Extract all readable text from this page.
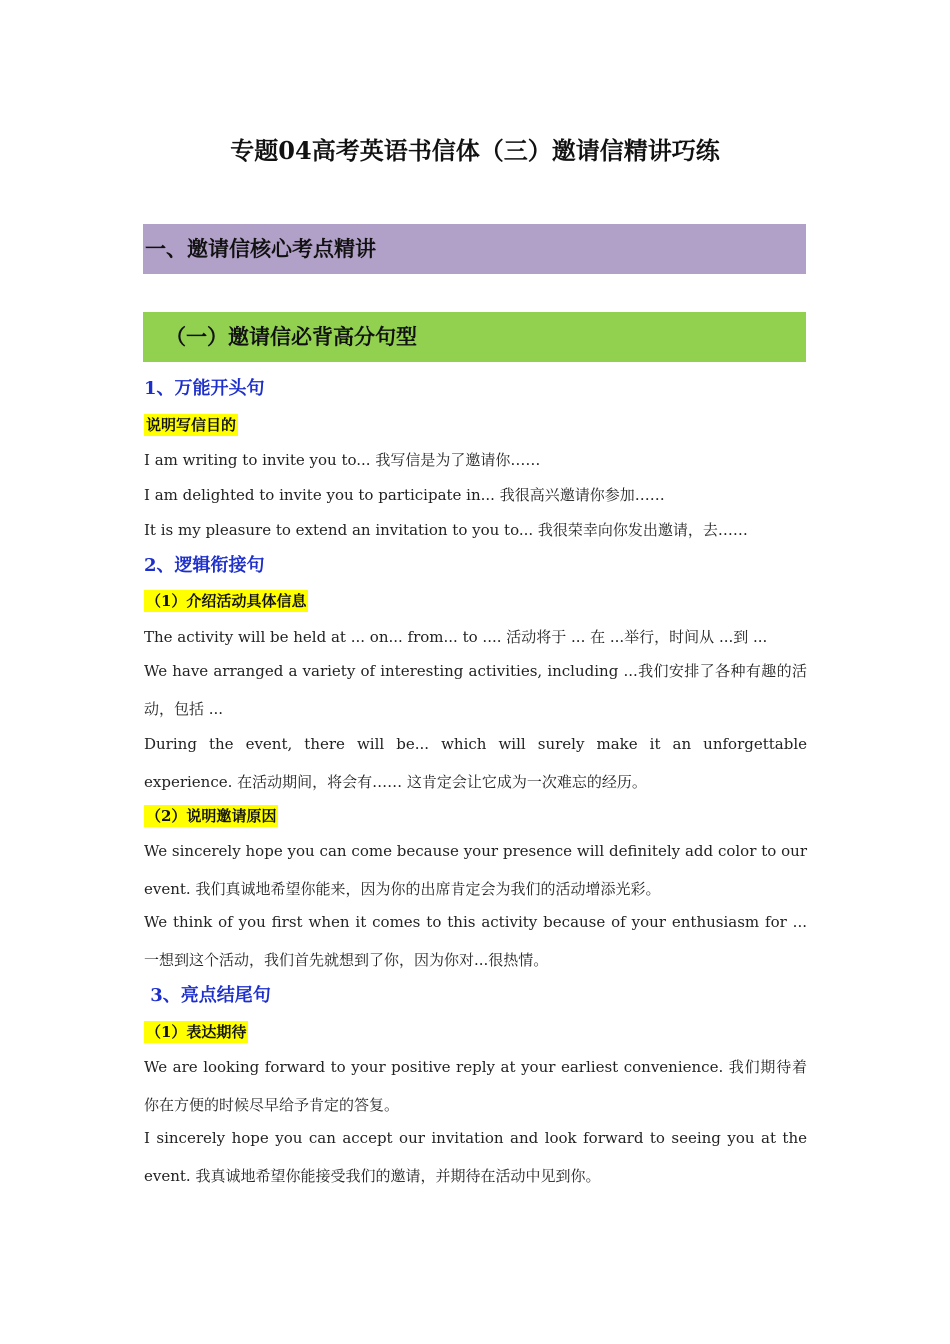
专题04高考英语书信体（三）邀请信精讲巧练
一、邀请信核心考点精讲
（一）邀请信必背高分句型
1、万能开头句
说明写信目的
I am writing to invite you to... 我写信是为了邀请你……
I am delighted to invite you to participate in... 我很高兴邀请你参加……
It is my pleasure to extend an invitation to you to... 我很荣幸向你发出邀请，去……
2、逻辑衔接句
（1）介绍活动具体信息
The activity will be held at ... on... from... to .... 活动将于 ... 在 ...举行，时间从 ...到 ...
We have arranged a variety of interesting activities, including ...我们安排了各种有趣的活动，包括 ...
During the event, there will be... which will surely make it an unforgettable experience. 在活动期间，将会有…… 这肯定会让它成为一次难忘的经历。
（2）说明邀请原因
We sincerely hope you can come because your presence will definitely add color to our event. 我们真诚地希望你能来，因为你的出席肯定会为我们的活动增添光彩。
We think of you first when it comes to this activity because of your enthusiasm for ... 一想到这个活动，我们首先就想到了你，因为你对...很热情。
3、亮点结尾句
（1）表达期待
We are looking forward to your positive reply at your earliest convenience. 我们期待着你在方便的时候尽早给予肯定的答复。
I sincerely hope you can accept our invitation and look forward to seeing you at the event. 我真诚地希望你能接受我们的邀请，并期待在活动中见到你。
